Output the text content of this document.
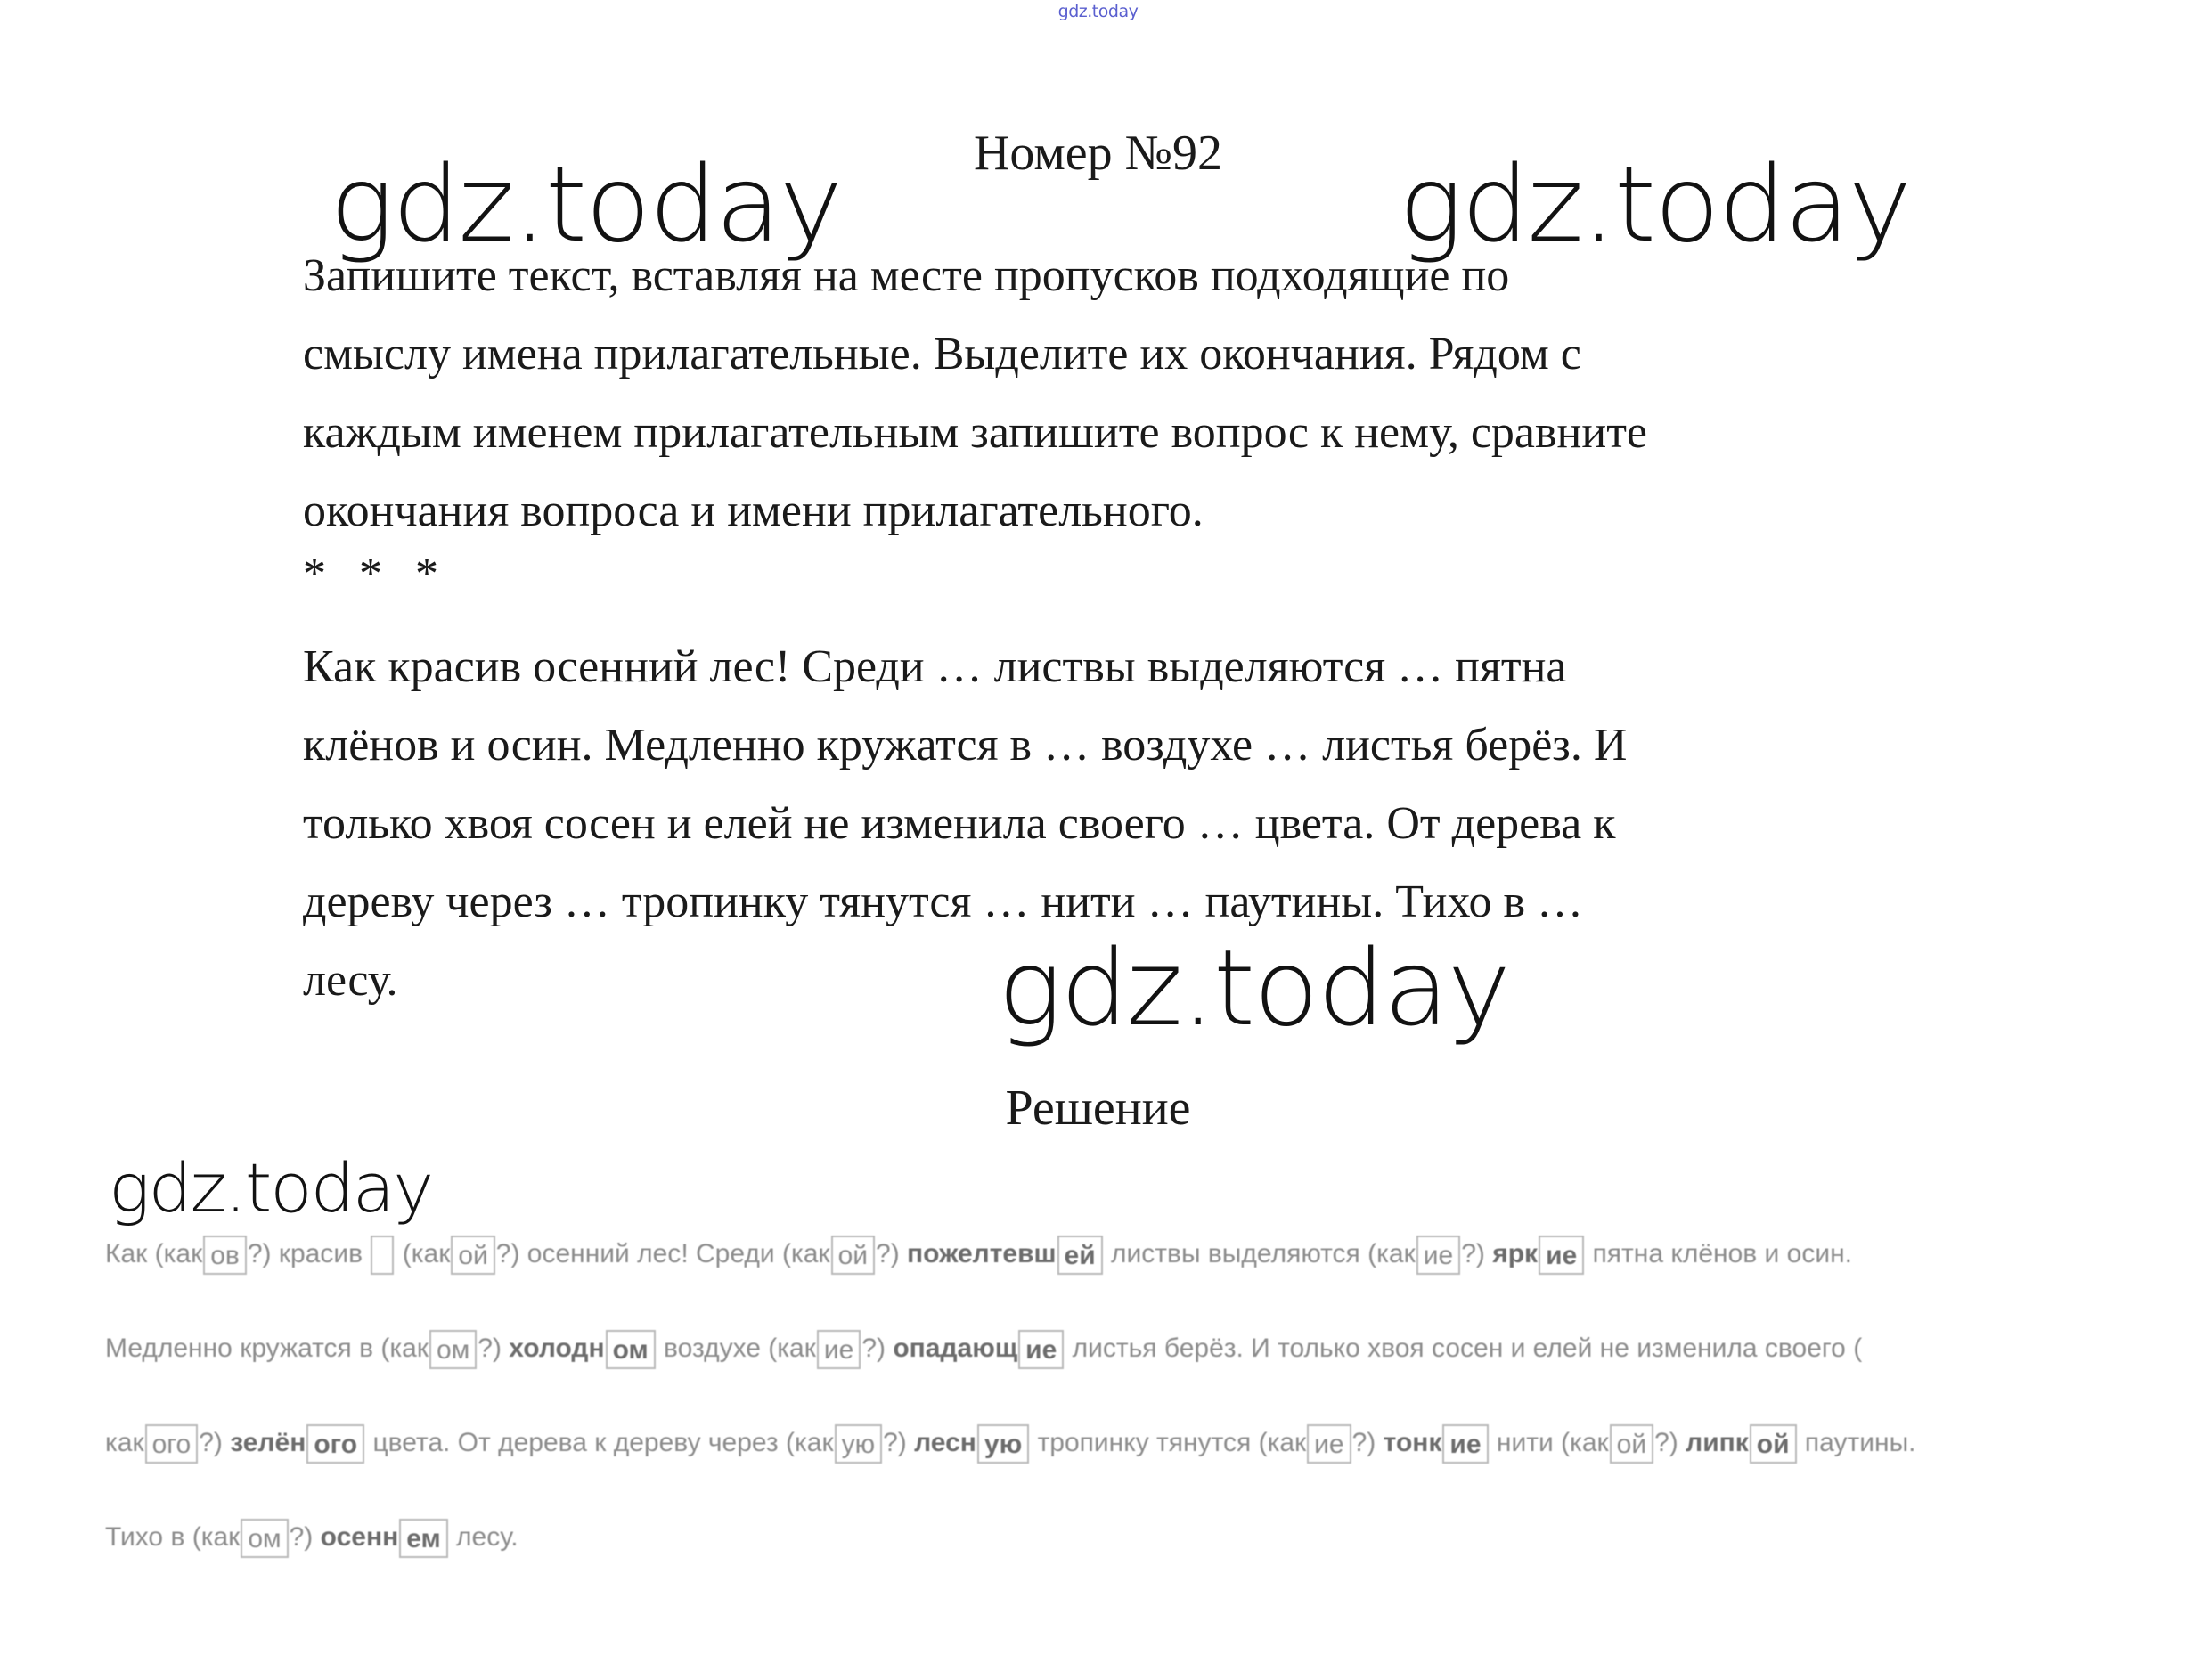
gdz.today
Номер №92
gdz.today	gdz.today
Запишите текст, вставляя на месте пропусков подходящие по
смыслу имена прилагательные. Выделите их окончания. Рядом с
каждым именем прилагательным запишите вопрос к нему, сравните
окончания вопроса и имени прилагательного.
* * *
Как красив осенний лес! Среди … листвы выделяются … пятна
клёнов и осин. Медленно кружатся в … воздухе … листья берёз. И
только хвоя сосен и елей не изменила своего … цвета. От дерева к
дереву через … тропинку тянутся … нити … паутины. Тихо в …
лесу.	gdz.today
Решение
gdz.today
Как (как ов ?) красив (как ой ?) осенний лес! Среди (как ой ?) пожелтевш ей листвы выделяются (как ие ?) ярк ие пятна клёнов и осин.
Медленно кружатся в (как ом ?) холодн ом воздухе (как ие ?) опадающ ие листья берёз. И только хвоя сосен и елей не изменила своего (
как ого ?) зелён ого цвета. От дерева к дереву через (как ую ?) лесн ую тропинку тянутся (как ие ?) тонк ие нити (как ой ?) липк ой паутины.
Тихо в (как ом ?) осенн ем лесу.
